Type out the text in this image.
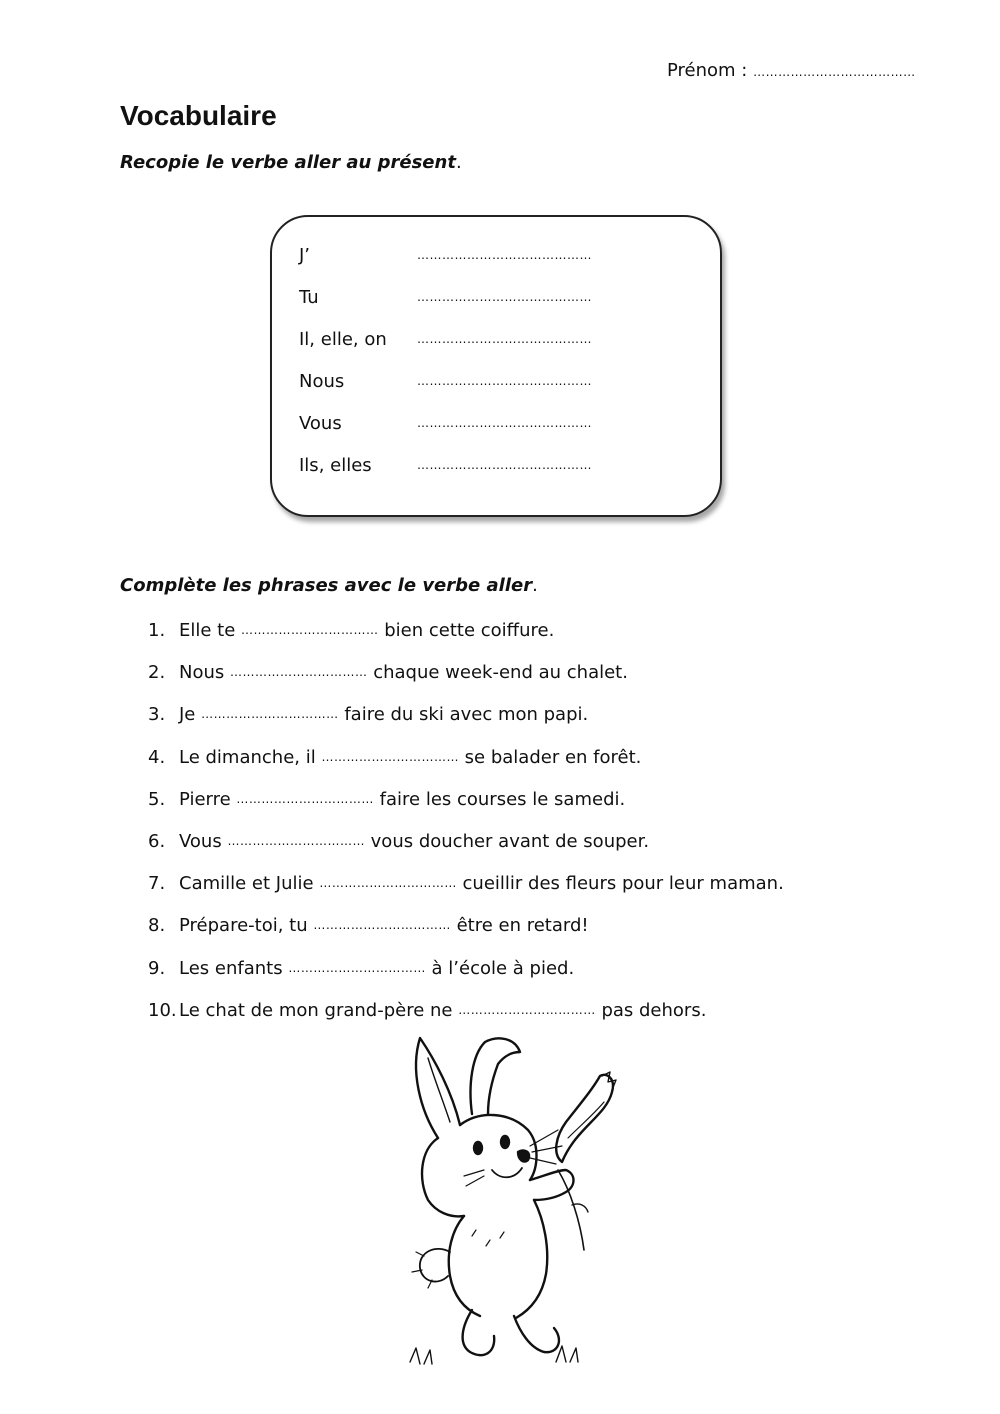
Prénom : …………………………………
Vocabulaire
Recopie le verbe aller au présent.
J’	……………………………………
Tu	……………………………………
Il, elle, on	……………………………………
Nous	……………………………………
Vous	……………………………………
Ils, elles	……………………………………
Complète les phrases avec le verbe aller.
1. Elle te …………………………… bien cette coiffure.
2. Nous …………………………… chaque week-end au chalet.
3. Je …………………………… faire du ski avec mon papi.
4. Le dimanche, il …………………………… se balader en forêt.
5. Pierre …………………………… faire les courses le samedi.
6. Vous …………………………… vous doucher avant de souper.
7. Camille et Julie …………………………… cueillir des fleurs pour leur maman.
8. Prépare-toi, tu …………………………… être en retard!
9. Les enfants …………………………… à l’école à pied.
10. Le chat de mon grand-père ne …………………………… pas dehors.
